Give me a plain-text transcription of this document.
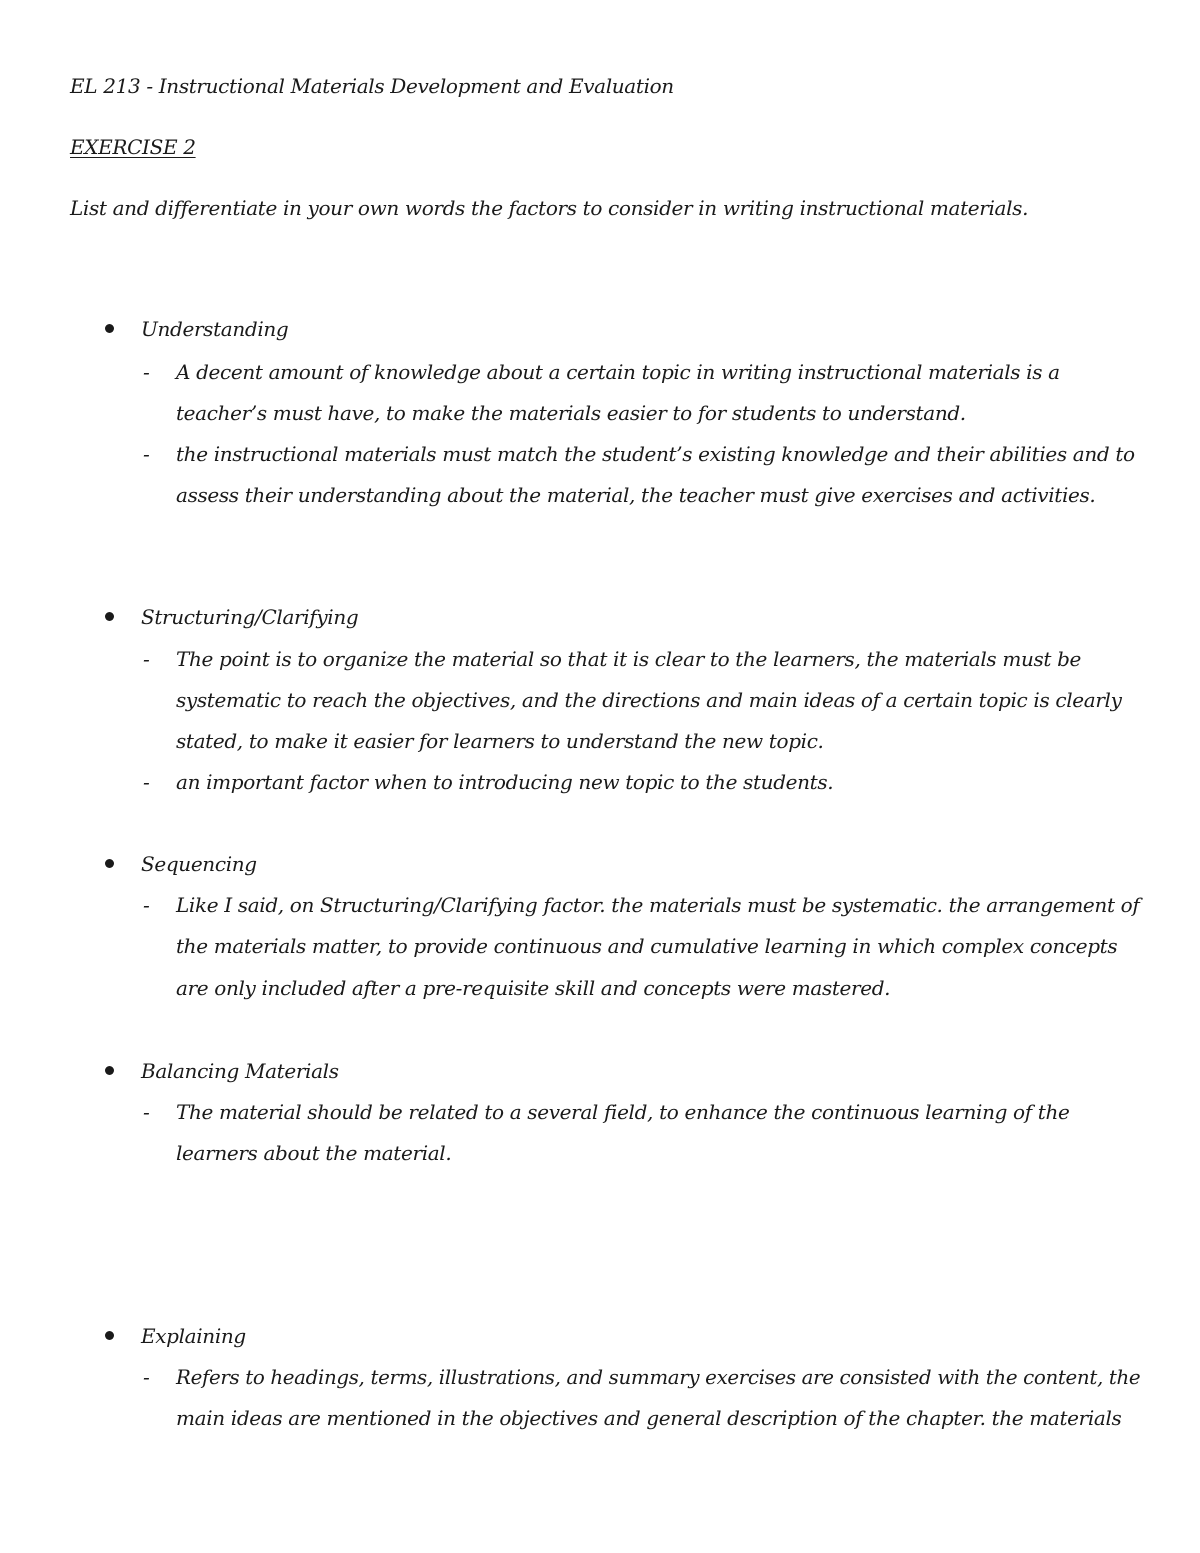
EL 213 - Instructional Materials Development and Evaluation
EXERCISE 2
List and differentiate in your own words the factors to consider in writing instructional materials.
Understanding
- A decent amount of knowledge about a certain topic in writing instructional materials is a
teacher’s must have, to make the materials easier to for students to understand.
- the instructional materials must match the student’s existing knowledge and their abilities and to
assess their understanding about the material, the teacher must give exercises and activities.
Structuring/Clarifying
- The point is to organize the material so that it is clear to the learners, the materials must be
systematic to reach the objectives, and the directions and main ideas of a certain topic is clearly
stated, to make it easier for learners to understand the new topic.
- an important factor when to introducing new topic to the students.
Sequencing
- Like I said, on Structuring/Clarifying factor. the materials must be systematic. the arrangement of
the materials matter, to provide continuous and cumulative learning in which complex concepts
are only included after a pre-requisite skill and concepts were mastered.
Balancing Materials
- The material should be related to a several field, to enhance the continuous learning of the
learners about the material.
Explaining
- Refers to headings, terms, illustrations, and summary exercises are consisted with the content, the
main ideas are mentioned in the objectives and general description of the chapter. the materials
